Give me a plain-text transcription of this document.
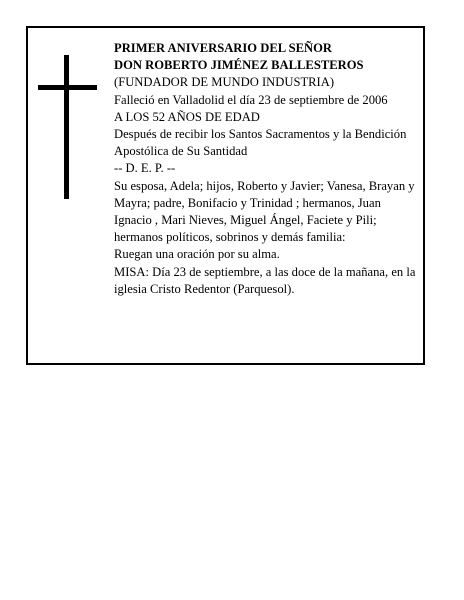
PRIMER ANIVERSARIO DEL SEÑOR
DON ROBERTO JIMÉNEZ BALLESTEROS
(FUNDADOR DE MUNDO INDUSTRIA)
Falleció en Valladolid el día 23 de septiembre de 2006
A LOS 52 AÑOS DE EDAD
Después de recibir los Santos Sacramentos y la Bendición Apostólica de Su Santidad
-- D. E. P. --
Su esposa, Adela; hijos, Roberto y Javier; Vanesa, Brayan y Mayra; padre, Bonifacio y Trinidad ; hermanos, Juan Ignacio , Mari Nieves, Miguel Ángel, Faciete y Pili; hermanos políticos, sobrinos y demás familia:
Ruegan una oración por su alma.
MISA: Día 23 de septiembre, a las doce de la mañana, en la iglesia Cristo Redentor (Parquesol).
